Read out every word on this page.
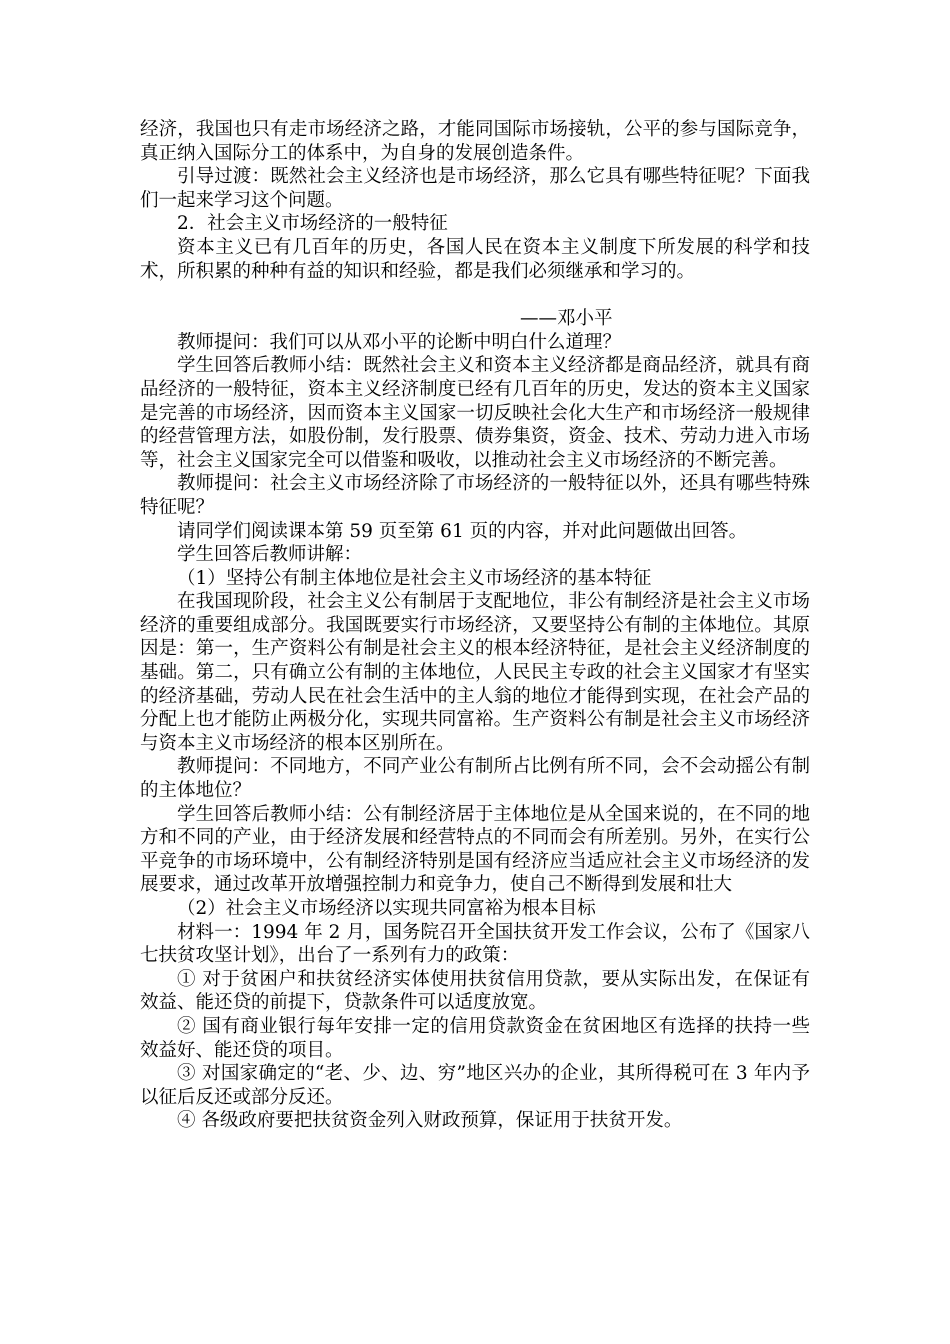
经济，我国也只有走市场经济之路，才能同国际市场接轨，公平的参与国际竞争，真正纳入国际分工的体系中，为自身的发展创造条件。

引导过渡：既然社会主义经济也是市场经济，那么它具有哪些特征呢？下面我们一起来学习这个问题。

2．社会主义市场经济的一般特征

资本主义已有几百年的历史，各国人民在资本主义制度下所发展的科学和技术，所积累的种种有益的知识和经验，都是我们必须继承和学习的。

——邓小平

教师提问：我们可以从邓小平的论断中明白什么道理？

学生回答后教师小结：既然社会主义和资本主义经济都是商品经济，就具有商品经济的一般特征，资本主义经济制度已经有几百年的历史，发达的资本主义国家是完善的市场经济，因而资本主义国家一切反映社会化大生产和市场经济一般规律的经营管理方法，如股份制，发行股票、债券集资，资金、技术、劳动力进入市场等，社会主义国家完全可以借鉴和吸收，以推动社会主义市场经济的不断完善。

教师提问：社会主义市场经济除了市场经济的一般特征以外，还具有哪些特殊特征呢？

请同学们阅读课本第 59 页至第 61 页的内容，并对此问题做出回答。

学生回答后教师讲解：

（1）坚持公有制主体地位是社会主义市场经济的基本特征

在我国现阶段，社会主义公有制居于支配地位，非公有制经济是社会主义市场经济的重要组成部分。我国既要实行市场经济，又要坚持公有制的主体地位。其原因是：第一，生产资料公有制是社会主义的根本经济特征，是社会主义经济制度的基础。第二，只有确立公有制的主体地位，人民民主专政的社会主义国家才有坚实的经济基础，劳动人民在社会生活中的主人翁的地位才能得到实现，在社会产品的分配上也才能防止两极分化，实现共同富裕。生产资料公有制是社会主义市场经济与资本主义市场经济的根本区别所在。

教师提问：不同地方，不同产业公有制所占比例有所不同，会不会动摇公有制的主体地位？

学生回答后教师小结：公有制经济居于主体地位是从全国来说的，在不同的地方和不同的产业，由于经济发展和经营特点的不同而会有所差别。另外，在实行公平竞争的市场环境中，公有制经济特别是国有经济应当适应社会主义市场经济的发展要求，通过改革开放增强控制力和竞争力，使自己不断得到发展和壮大

（2）社会主义市场经济以实现共同富裕为根本目标

材料一：1994 年 2 月，国务院召开全国扶贫开发工作会议，公布了《国家八七扶贫攻坚计划》，出台了一系列有力的政策：

① 对于贫困户和扶贫经济实体使用扶贫信用贷款，要从实际出发，在保证有效益、能还贷的前提下，贷款条件可以适度放宽。

② 国有商业银行每年安排一定的信用贷款资金在贫困地区有选择的扶持一些效益好、能还贷的项目。

③ 对国家确定的“老、少、边、穷”地区兴办的企业，其所得税可在 3 年内予以征后反还或部分反还。

④ 各级政府要把扶贫资金列入财政预算，保证用于扶贫开发。
